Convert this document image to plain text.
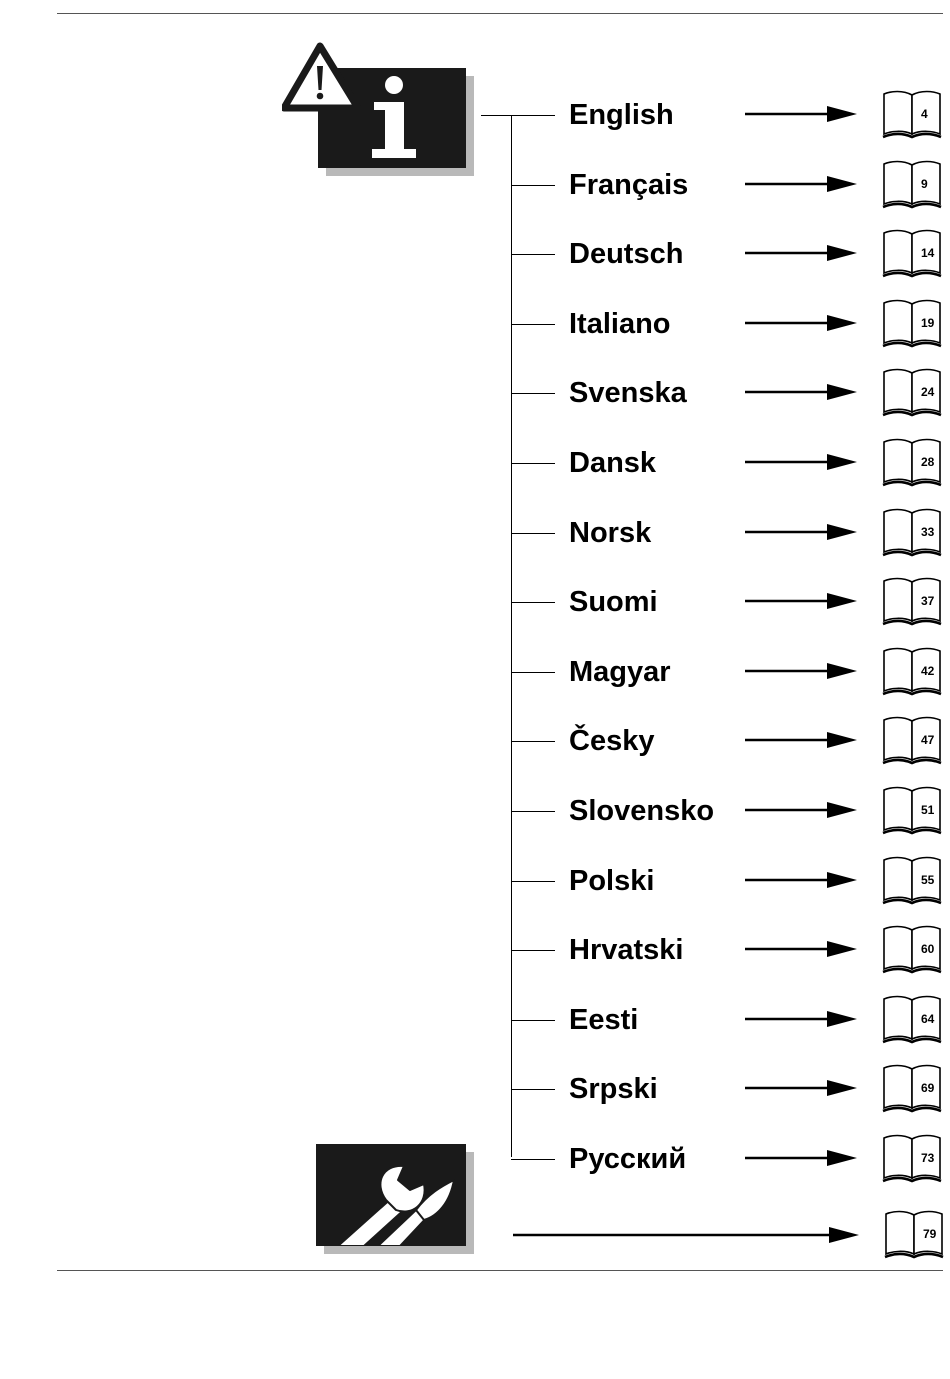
English	4
Français	9
Deutsch	14
Italiano	19
Svenska	24
Dansk	28
Norsk	33
Suomi	37
Magyar	42
Česky	47
Slovensko	51
Polski	55
Hrvatski	60
Eesti	64
Srpski	69
Русский	73
79
